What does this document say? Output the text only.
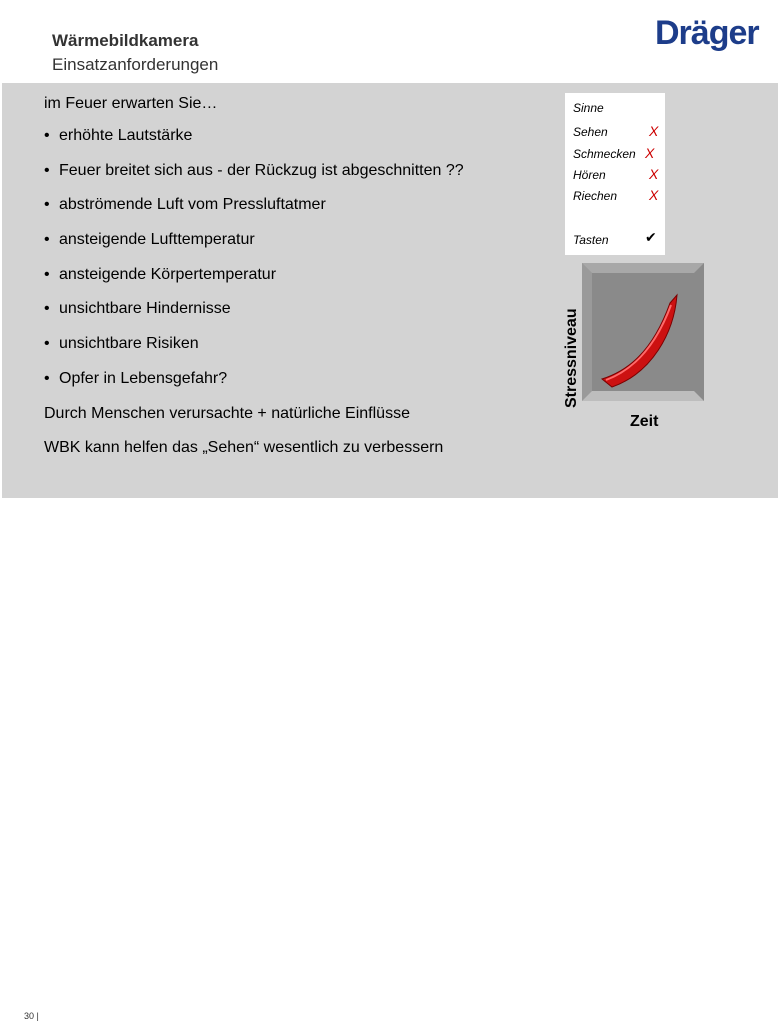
Wärmebildkamera
Einsatzanforderungen
Dräger
im Feuer erwarten Sie…
• erhöhte Lautstärke
• Feuer breitet sich aus - der Rückzug ist abgeschnitten ??
• abströmende Luft vom Pressluftatmer
• ansteigende Lufttemperatur
• ansteigende Körpertemperatur
• unsichtbare Hindernisse
• unsichtbare Risiken
• Opfer in Lebensgefahr?
Durch Menschen verursachte + natürliche Einflüsse
WBK kann helfen das „Sehen“ wesentlich zu verbessern
Sinne
Sehen	X
Schmecken X
Hören	X
Riechen X
Tasten	✔
Stressniveau
Zeit
30 |
